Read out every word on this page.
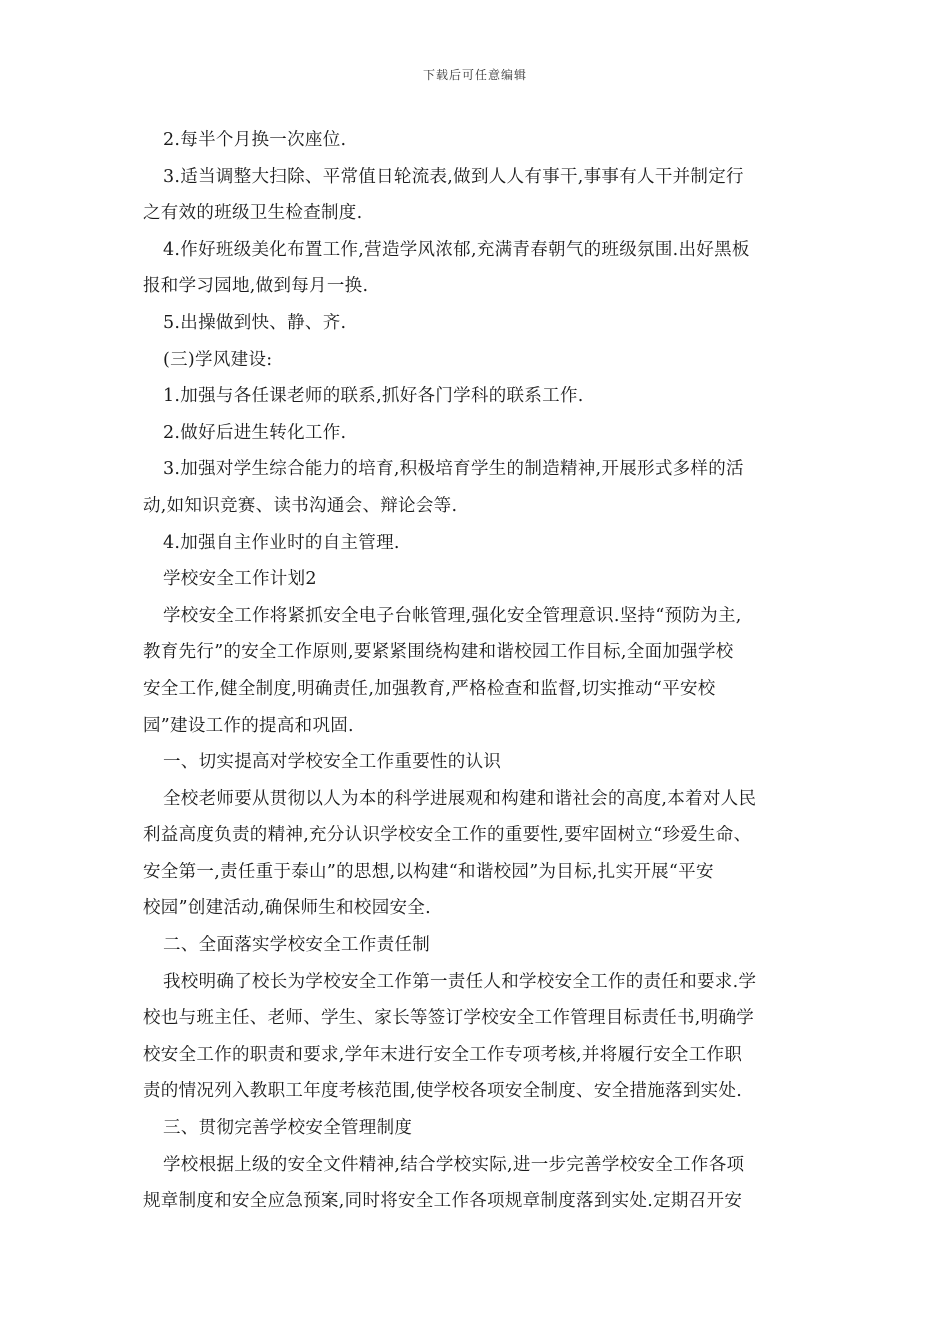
下载后可任意编辑

2.每半个月换一次座位.

3.适当调整大扫除、平常值日轮流表,做到人人有事干,事事有人干并制定行

之有效的班级卫生检查制度.

4.作好班级美化布置工作,营造学风浓郁,充满青春朝气的班级氛围.出好黑板

报和学习园地,做到每月一换.

5.出操做到快、静、齐.

(三)学风建设:

1.加强与各任课老师的联系,抓好各门学科的联系工作.

2.做好后进生转化工作.

3.加强对学生综合能力的培育,积极培育学生的制造精神,开展形式多样的活

动,如知识竞赛、读书沟通会、辩论会等.

4.加强自主作业时的自主管理.

学校安全工作计划2

学校安全工作将紧抓安全电子台帐管理,强化安全管理意识.坚持“预防为主,

教育先行”的安全工作原则,要紧紧围绕构建和谐校园工作目标,全面加强学校

安全工作,健全制度,明确责任,加强教育,严格检查和监督,切实推动“平安校

园”建设工作的提高和巩固.

一、切实提高对学校安全工作重要性的认识

全校老师要从贯彻以人为本的科学进展观和构建和谐社会的高度,本着对人民

利益高度负责的精神,充分认识学校安全工作的重要性,要牢固树立“珍爱生命、

安全第一,责任重于泰山”的思想,以构建“和谐校园”为目标,扎实开展“平安

校园”创建活动,确保师生和校园安全.

二、全面落实学校安全工作责任制

我校明确了校长为学校安全工作第一责任人和学校安全工作的责任和要求.学

校也与班主任、老师、学生、家长等签订学校安全工作管理目标责任书,明确学

校安全工作的职责和要求,学年末进行安全工作专项考核,并将履行安全工作职

责的情况列入教职工年度考核范围,使学校各项安全制度、安全措施落到实处.

三、贯彻完善学校安全管理制度

学校根据上级的安全文件精神,结合学校实际,进一步完善学校安全工作各项

规章制度和安全应急预案,同时将安全工作各项规章制度落到实处.定期召开安
